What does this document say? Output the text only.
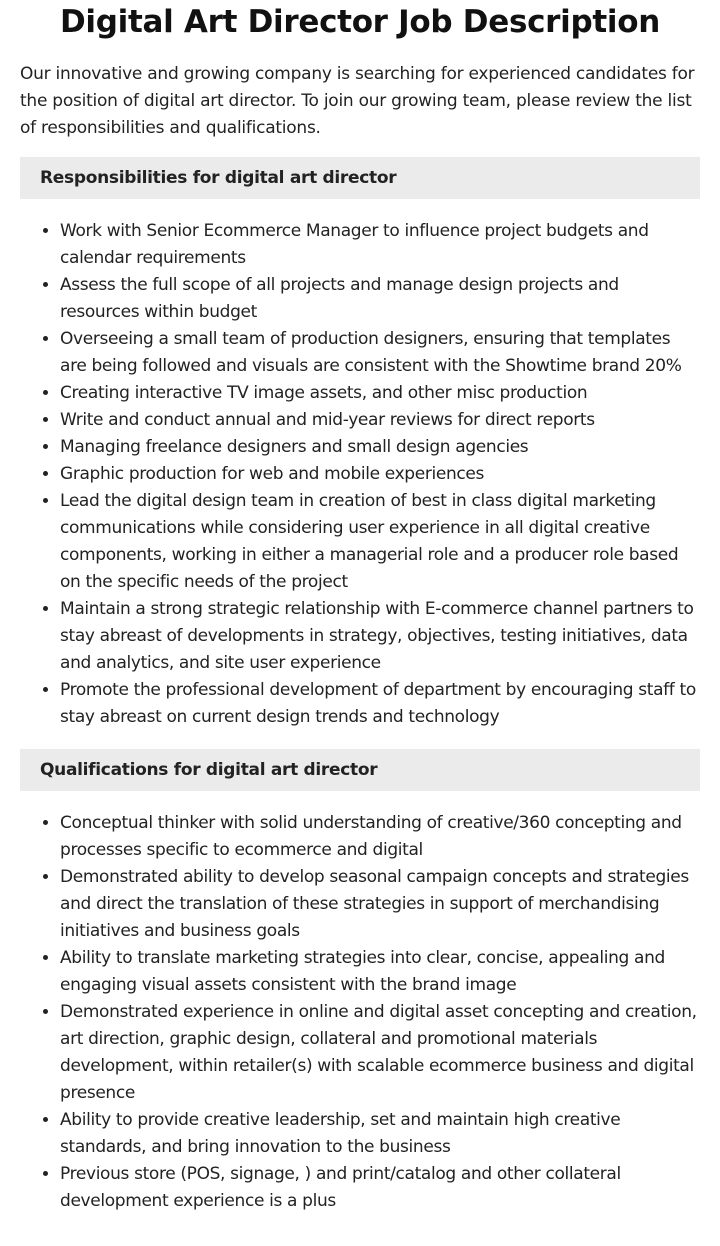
Digital Art Director Job Description

Our innovative and growing company is searching for experienced candidates for the position of digital art director. To join our growing team, please review the list of responsibilities and qualifications.

Responsibilities for digital art director
• Work with Senior Ecommerce Manager to influence project budgets and calendar requirements
• Assess the full scope of all projects and manage design projects and resources within budget
• Overseeing a small team of production designers, ensuring that templates are being followed and visuals are consistent with the Showtime brand 20%
• Creating interactive TV image assets, and other misc production
• Write and conduct annual and mid-year reviews for direct reports
• Managing freelance designers and small design agencies
• Graphic production for web and mobile experiences
• Lead the digital design team in creation of best in class digital marketing communications while considering user experience in all digital creative components, working in either a managerial role and a producer role based on the specific needs of the project
• Maintain a strong strategic relationship with E-commerce channel partners to stay abreast of developments in strategy, objectives, testing initiatives, data and analytics, and site user experience
• Promote the professional development of department by encouraging staff to stay abreast on current design trends and technology
Qualifications for digital art director
• Conceptual thinker with solid understanding of creative/360 concepting and processes specific to ecommerce and digital
• Demonstrated ability to develop seasonal campaign concepts and strategies and direct the translation of these strategies in support of merchandising initiatives and business goals
• Ability to translate marketing strategies into clear, concise, appealing and engaging visual assets consistent with the brand image
• Demonstrated experience in online and digital asset concepting and creation, art direction, graphic design, collateral and promotional materials development, within retailer(s) with scalable ecommerce business and digital presence
• Ability to provide creative leadership, set and maintain high creative standards, and bring innovation to the business
• Previous store (POS, signage, ) and print/catalog and other collateral development experience is a plus
